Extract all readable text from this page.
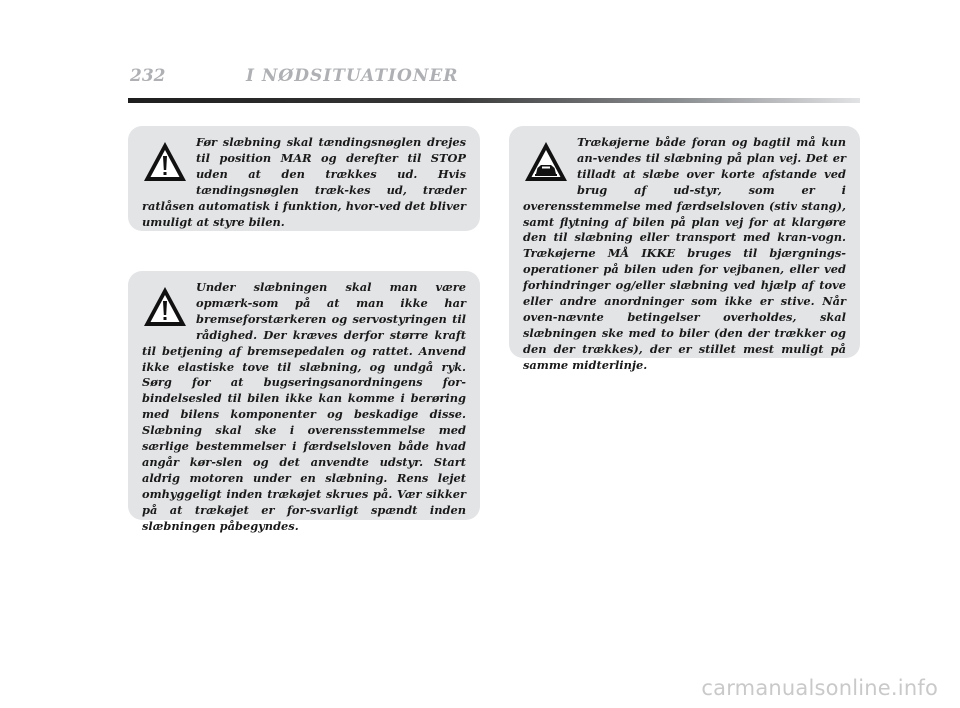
232	I NØDSITUATIONER

Før slæbning skal tændingsnøglen drejes til position MAR og derefter til STOP uden at den trækkes ud. Hvis tændingsnøglen træk-kes ud, træder ratlåsen automatisk i funktion, hvor-ved det bliver umuligt at styre bilen.

Under slæbningen skal man være opmærk-som på at man ikke har bremseforstærkeren og servostyringen til rådighed. Der kræves derfor større kraft til betjening af bremsepedalen og rattet. Anvend ikke elastiske tove til slæbning, og undgå ryk. Sørg for at bugseringsanordningens for-bindelsesled til bilen ikke kan komme i berøring med bilens komponenter og beskadige disse. Slæbning skal ske i overensstemmelse med særlige bestemmelser i færdselsloven både hvad angår kør-slen og det anvendte udstyr. Start aldrig motoren under en slæbning. Rens lejet omhyggeligt inden trækøjet skrues på. Vær sikker på at trækøjet er for-svarligt spændt inden slæbningen påbegyndes.

Trækøjerne både foran og bagtil må kun an-vendes til slæbning på plan vej. Det er tilladt at slæbe over korte afstande ved brug af ud-styr, som er i overensstemmelse med færdselsloven (stiv stang), samt flytning af bilen på plan vej for at klargøre den til slæbning eller transport med kran-vogn. Trækøjerne MÅ IKKE bruges til bjærgnings-operationer på bilen uden for vejbanen, eller ved forhindringer og/eller slæbning ved hjælp af tove eller andre anordninger som ikke er stive. Når oven-nævnte betingelser overholdes, skal slæbningen ske med to biler (den der trækker og den der trækkes), der er stillet mest muligt på samme midterlinje.

carmanualsonline.info
